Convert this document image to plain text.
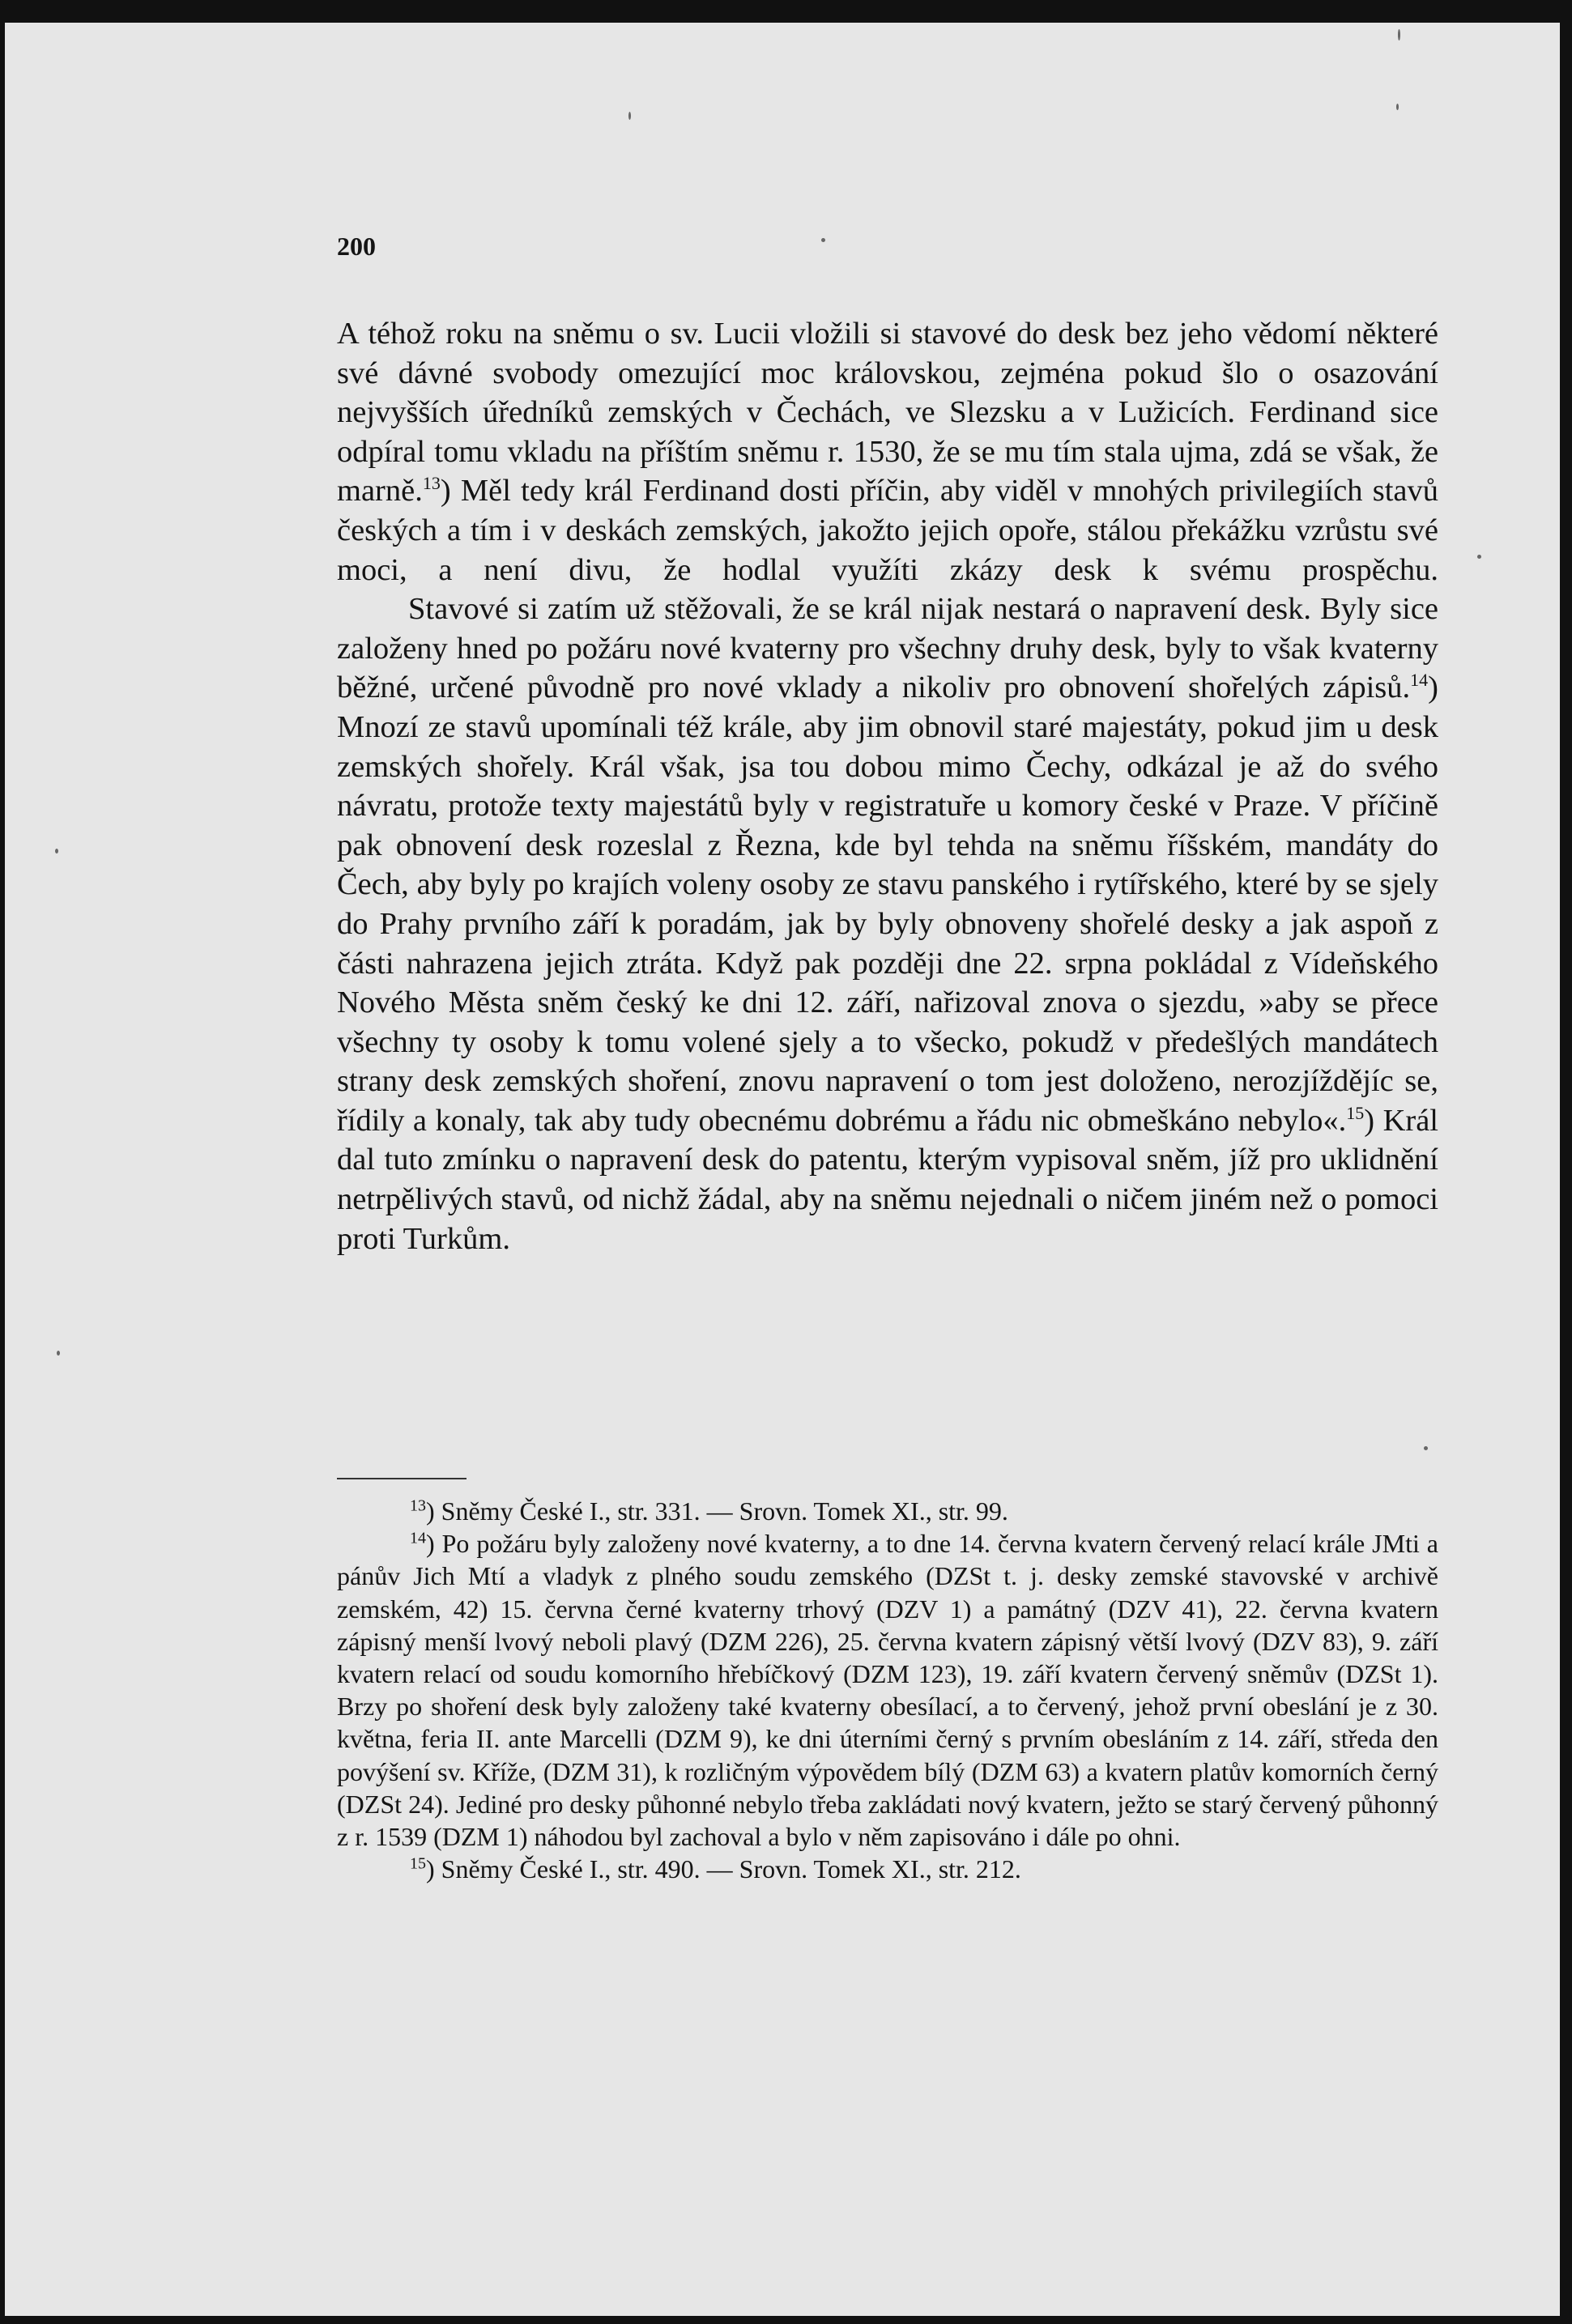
200

A téhož roku na sněmu o sv. Lucii vložili si stavové do desk bez jeho vědomí některé své dávné svobody omezující moc královskou, zejména pokud šlo o osazování nejvyšších úředníků zemských v Čechách, ve Slezsku a v Lužicích. Ferdinand sice odpíral tomu vkladu na příštím sněmu r. 1530, že se mu tím stala ujma, zdá se však, že marně.$^{13}$) Měl tedy král Ferdinand dosti příčin, aby viděl v mnohých privilegiích stavů českých a tím i v deskách zemských, jakožto jejich opoře, stálou překážku vzrůstu své moci, a není divu, že hodlal využíti zkázy desk k svému prospěchu.

Stavové si zatím už stěžovali, že se král nijak nestará o napravení desk. Byly sice založeny hned po požáru nové kvaterny pro všechny druhy desk, byly to však kvaterny běžné, určené původně pro nové vklady a nikoliv pro obnovení shořelých zápisů.$^{14}$) Mnozí ze stavů upomínali též krále, aby jim obnovil staré majestáty, pokud jim u desk zemských shořely. Král však, jsa tou dobou mimo Čechy, odkázal je až do svého návratu, protože texty majestátů byly v registratuře u komory české v Praze. V příčině pak obnovení desk rozeslal z Řezna, kde byl tehda na sněmu říšském, mandáty do Čech, aby byly po krajích voleny osoby ze stavu panského i rytířského, které by se sjely do Prahy prvního září k poradám, jak by byly obnoveny shořelé desky a jak aspoň z části nahrazena jejich ztráta. Když pak později dne 22. srpna pokládal z Vídeňského Nového Města sněm český ke dni 12. září, nařizoval znova o sjezdu, »aby se přece všechny ty osoby k tomu volené sjely a to všecko, pokudž v předešlých mandátech strany desk zemských shoření, znovu napravení o tom jest doloženo, nerozjíždějíc se, řídily a konaly, tak aby tudy obecnému dobrému a řádu nic obmeškáno nebylo«.$^{15}$) Král dal tuto zmínku o napravení desk do patentu, kterým vypisoval sněm, jíž pro uklidnění netrpělivých stavů, od nichž žádal, aby na sněmu nejednali o ničem jiném než o pomoci proti Turkům.

$^{13}$) Sněmy České I., str. 331. — Srovn. Tomek XI., str. 99.

$^{14}$) Po požáru byly založeny nové kvaterny, a to dne 14. června kvatern červený relací krále JMti a pánův Jich Mtí a vladyk z plného soudu zemského (DZSt t. j. desky zemské stavovské v archivě zemském, 42) 15. června černé kvaterny trhový (DZV 1) a památný (DZV 41), 22. června kvatern zápisný menší lvový neboli plavý (DZM 226), 25. června kvatern zápisný větší lvový (DZV 83), 9. září kvatern relací od soudu komorního hřebíčkový (DZM 123), 19. září kvatern červený sněmův (DZSt 1). Brzy po shoření desk byly založeny také kvaterny obesílací, a to červený, jehož první obeslání je z 30. května, feria II. ante Marcelli (DZM 9), ke dni úterními černý s prvním obesláním z 14. září, středa den povýšení sv. Kříže, (DZM 31), k rozličným výpovědem bílý (DZM 63) a kvatern platův komorních černý (DZSt 24). Jediné pro desky půhonné nebylo třeba zakládati nový kvatern, ježto se starý červený půhonný z r. 1539 (DZM 1) náhodou byl zachoval a bylo v něm zapisováno i dále po ohni.

$^{15}$) Sněmy České I., str. 490. — Srovn. Tomek XI., str. 212.
